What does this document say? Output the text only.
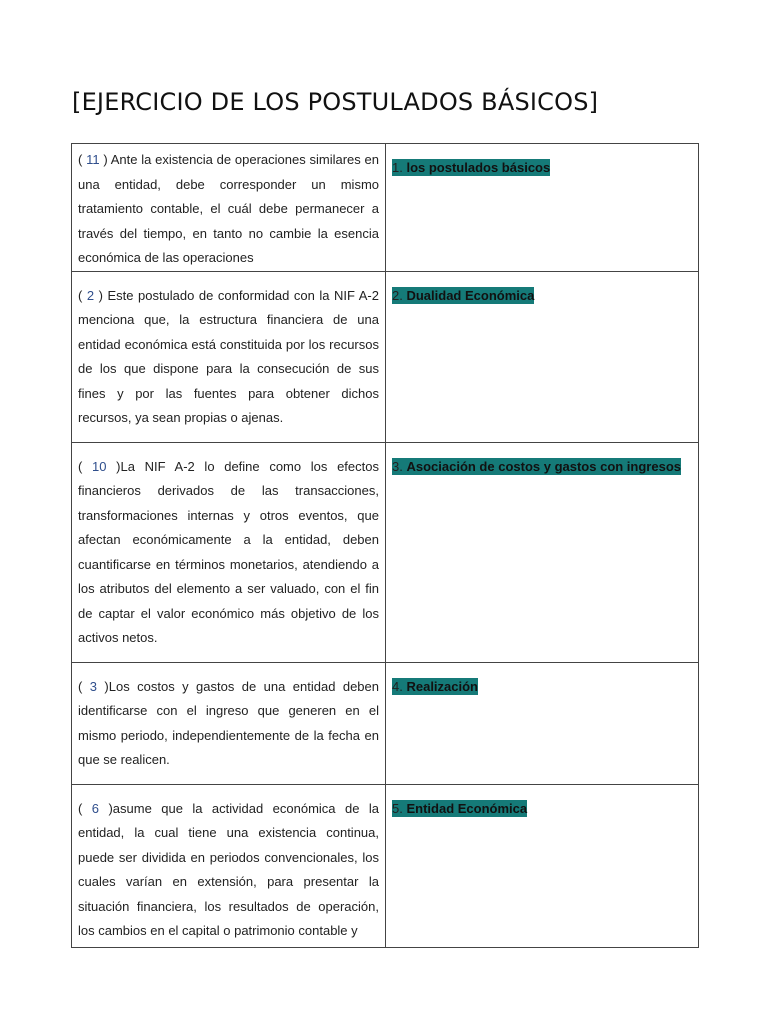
[EJERCICIO DE LOS POSTULADOS BÁSICOS]
( 11 ) Ante la existencia de operaciones similares en una entidad, debe corresponder un mismo tratamiento contable, el cuál debe permanecer a través del tiempo, en tanto no cambie la esencia económica de las operaciones	1. los postulados básicos
( 2 ) Este postulado de conformidad con la NIF A-2 menciona que, la estructura financiera de una entidad económica está constituida por los recursos de los que dispone para la consecución de sus fines y por las fuentes para obtener dichos recursos, ya sean propias o ajenas.	2. Dualidad Económica
( 10 )La NIF A-2 lo define como los efectos financieros derivados de las transacciones, transformaciones internas y otros eventos, que afectan económicamente a la entidad, deben cuantificarse en términos monetarios, atendiendo a los atributos del elemento a ser valuado, con el fin de captar el valor económico más objetivo de los activos netos.	3. Asociación de costos y gastos con ingresos
( 3 )Los costos y gastos de una entidad deben identificarse con el ingreso que generen en el mismo periodo, independientemente de la fecha en que se realicen.	4. Realización
( 6 )asume que la actividad económica de la entidad, la cual tiene una existencia continua, puede ser dividida en periodos convencionales, los cuales varían en extensión, para presentar la situación financiera, los resultados de operación, los cambios en el capital o patrimonio contable y	5. Entidad Económica
